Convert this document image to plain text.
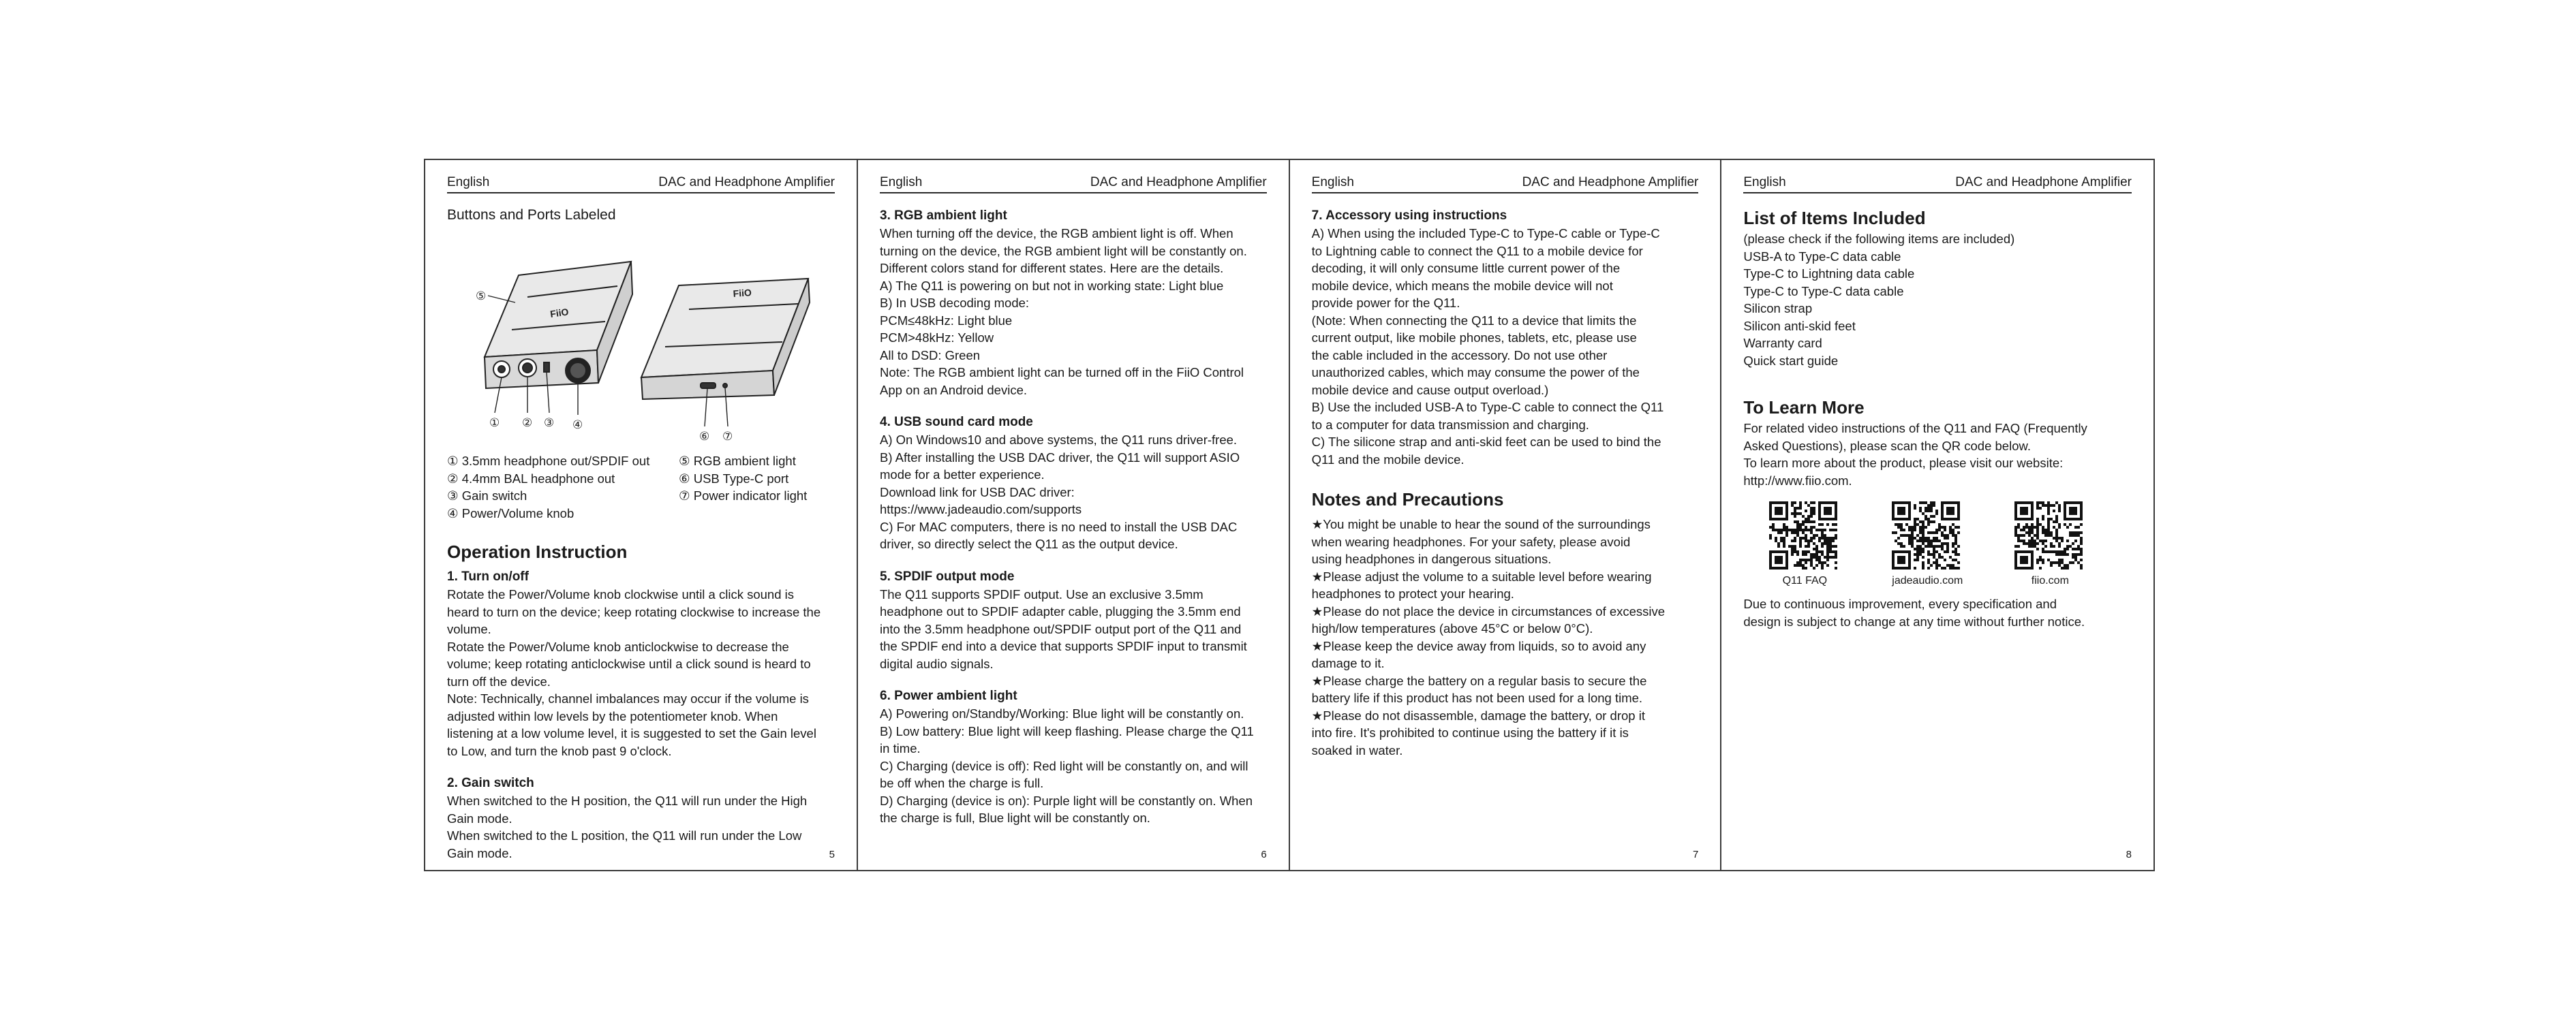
English	DAC and Headphone Amplifier
Buttons and Ports Labeled
FiiO
FiiO
⑤
① ② ③ ④
⑥ ⑦
① 3.5mm headphone out/SPDIF out	⑤ RGB ambient light
② 4.4mm BAL headphone out	⑥ USB Type-C port
③ Gain switch	⑦ Power indicator light
④ Power/Volume knob
Operation Instruction
1. Turn on/off
Rotate the Power/Volume knob clockwise until a click sound is
heard to turn on the device; keep rotating clockwise to increase the
volume.
Rotate the Power/Volume knob anticlockwise to decrease the
volume; keep rotating anticlockwise until a click sound is heard to
turn off the device.
Note: Technically, channel imbalances may occur if the volume is
adjusted within low levels by the potentiometer knob. When
listening at a low volume level, it is suggested to set the Gain level
to Low, and turn the knob past 9 o'clock.
2. Gain switch
When switched to the H position, the Q11 will run under the High
Gain mode.
When switched to the L position, the Q11 will run under the Low
Gain mode.	5
English	DAC and Headphone Amplifier
3. RGB ambient light
When turning off the device, the RGB ambient light is off. When
turning on the device, the RGB ambient light will be constantly on.
Different colors stand for different states. Here are the details.
A) The Q11 is powering on but not in working state: Light blue
B) In USB decoding mode:
PCM≤48kHz: Light blue
PCM>48kHz: Yellow
All to DSD: Green
Note: The RGB ambient light can be turned off in the FiiO Control
App on an Android device.
4. USB sound card mode
A) On Windows10 and above systems, the Q11 runs driver-free.
B) After installing the USB DAC driver, the Q11 will support ASIO
mode for a better experience.
Download link for USB DAC driver:
https://www.jadeaudio.com/supports
C) For MAC computers, there is no need to install the USB DAC
driver, so directly select the Q11 as the output device.
5. SPDIF output mode
The Q11 supports SPDIF output. Use an exclusive 3.5mm
headphone out to SPDIF adapter cable, plugging the 3.5mm end
into the 3.5mm headphone out/SPDIF output port of the Q11 and
the SPDIF end into a device that supports SPDIF input to transmit
digital audio signals.
6. Power ambient light
A) Powering on/Standby/Working: Blue light will be constantly on.
B) Low battery: Blue light will keep flashing. Please charge the Q11
in time.
C) Charging (device is off): Red light will be constantly on, and will
be off when the charge is full.
D) Charging (device is on): Purple light will be constantly on. When
the charge is full, Blue light will be constantly on.
6
English	DAC and Headphone Amplifier
7. Accessory using instructions
A) When using the included Type-C to Type-C cable or Type-C
to Lightning cable to connect the Q11 to a mobile device for
decoding, it will only consume little current power of the
mobile device, which means the mobile device will not
provide power for the Q11.
(Note: When connecting the Q11 to a device that limits the
current output, like mobile phones, tablets, etc, please use
the cable included in the accessory. Do not use other
unauthorized cables, which may consume the power of the
mobile device and cause output overload.)
B) Use the included USB-A to Type-C cable to connect the Q11
to a computer for data transmission and charging.
C) The silicone strap and anti-skid feet can be used to bind the
Q11 and the mobile device.
Notes and Precautions
★You might be unable to hear the sound of the surroundings
when wearing headphones. For your safety, please avoid
using headphones in dangerous situations.
★Please adjust the volume to a suitable level before wearing
headphones to protect your hearing.
★Please do not place the device in circumstances of excessive
high/low temperatures (above 45°C or below 0°C).
★Please keep the device away from liquids, so to avoid any
damage to it.
★Please charge the battery on a regular basis to secure the
battery life if this product has not been used for a long time.
★Please do not disassemble, damage the battery, or drop it
into fire. It's prohibited to continue using the battery if it is
soaked in water.
7
English	DAC and Headphone Amplifier
List of Items Included
(please check if the following items are included)
USB-A to Type-C data cable
Type-C to Lightning data cable
Type-C to Type-C data cable
Silicon strap
Silicon anti-skid feet
Warranty card
Quick start guide
To Learn More
For related video instructions of the Q11 and FAQ (Frequently
Asked Questions), please scan the QR code below.
To learn more about the product, please visit our website:
http://www.fiio.com.
Q11 FAQ	jadeaudio.com	fiio.com
Due to continuous improvement, every specification and
design is subject to change at any time without further notice.
8
